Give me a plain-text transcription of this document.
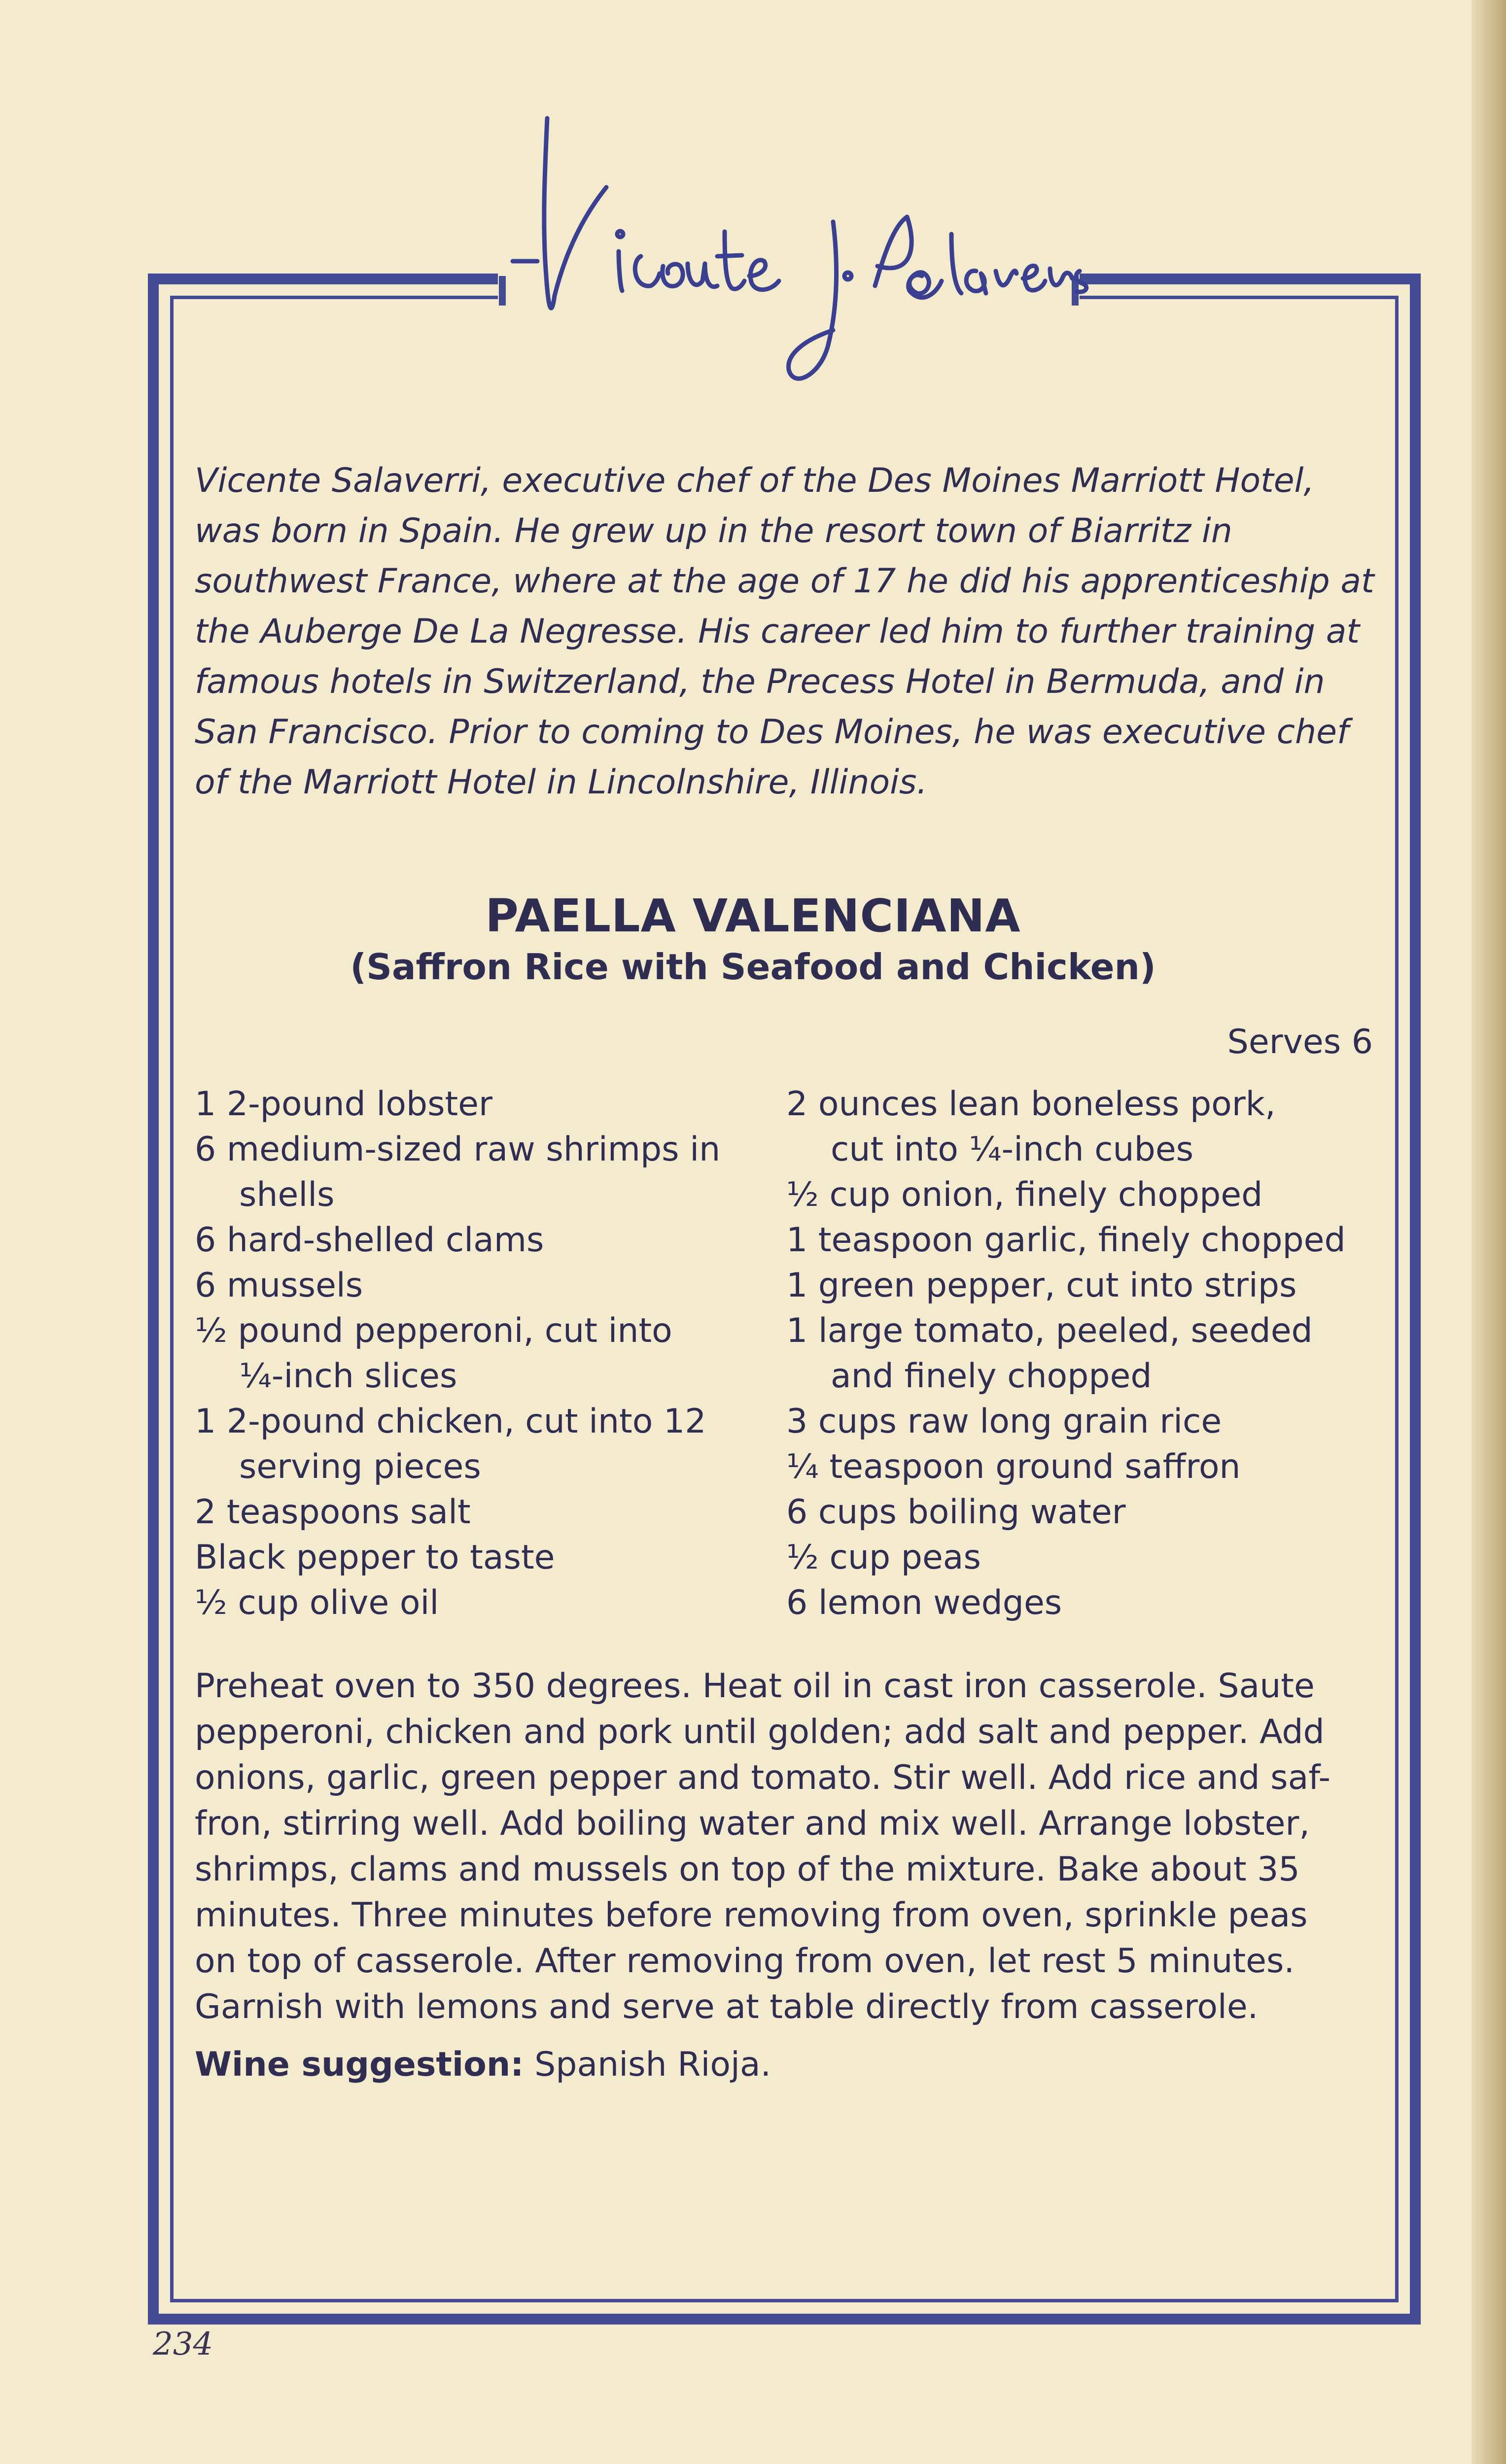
Vicente Salaverri, executive chef of the Des Moines Marriott Hotel,
was born in Spain. He grew up in the resort town of Biarritz in
southwest France, where at the age of 17 he did his apprenticeship at
the Auberge De La Negresse. His career led him to further training at
famous hotels in Switzerland, the Precess Hotel in Bermuda, and in
San Francisco. Prior to coming to Des Moines, he was executive chef
of the Marriott Hotel in Lincolnshire, Illinois.
PAELLA VALENCIANA
(Saffron Rice with Seafood and Chicken)
Serves 6
1 2-pound lobster
6 medium-sized raw shrimps in
shells
6 hard-shelled clams
6 mussels
½ pound pepperoni, cut into
¼-inch slices
1 2-pound chicken, cut into 12
serving pieces
2 teaspoons salt
Black pepper to taste
½ cup olive oil
2 ounces lean boneless pork,
cut into ¼-inch cubes
½ cup onion, finely chopped
1 teaspoon garlic, finely chopped
1 green pepper, cut into strips
1 large tomato, peeled, seeded
and finely chopped
3 cups raw long grain rice
¼ teaspoon ground saffron
6 cups boiling water
½ cup peas
6 lemon wedges
Preheat oven to 350 degrees. Heat oil in cast iron casserole. Saute
pepperoni, chicken and pork until golden; add salt and pepper. Add
onions, garlic, green pepper and tomato. Stir well. Add rice and saf-
fron, stirring well. Add boiling water and mix well. Arrange lobster,
shrimps, clams and mussels on top of the mixture. Bake about 35
minutes. Three minutes before removing from oven, sprinkle peas
on top of casserole. After removing from oven, let rest 5 minutes.
Garnish with lemons and serve at table directly from casserole.
Wine suggestion: Spanish Rioja.
234
